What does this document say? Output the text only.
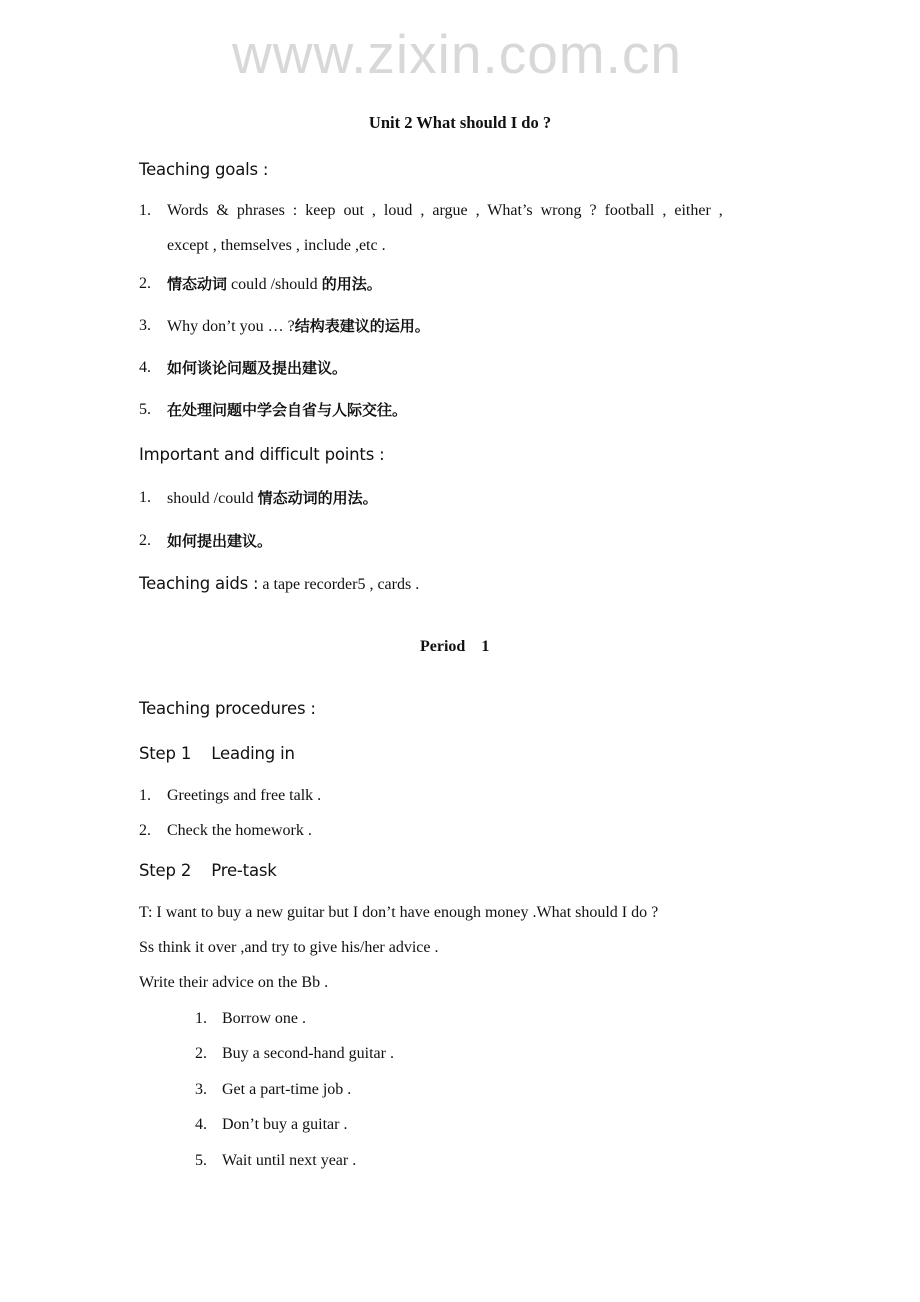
www.zixin.com.cn
Unit 2 What should I do ?
Teaching goals :
1. Words & phrases : keep out , loud , argue , What’s wrong ? football , either ,
except , themselves , include ,etc .
2. 情态动词 could /should 的用法。
3. Why don’t you … ?结构表建议的运用。
4. 如何谈论问题及提出建议。
5. 在处理问题中学会自省与人际交往。
Important and difficult points :
1. should /could 情态动词的用法。
2. 如何提出建议。
Teaching aids : a tape recorder5 , cards .
Period    1
Teaching procedures :
Step 1    Leading in
1. Greetings and free talk .
2. Check the homework .
Step 2    Pre-task
T: I want to buy a new guitar but I don’t have enough money .What should I do ?
Ss think it over ,and try to give his/her advice .
Write their advice on the Bb .
1. Borrow one .
2. Buy a second-hand guitar .
3. Get a part-time job .
4. Don’t buy a guitar .
5. Wait until next year .
